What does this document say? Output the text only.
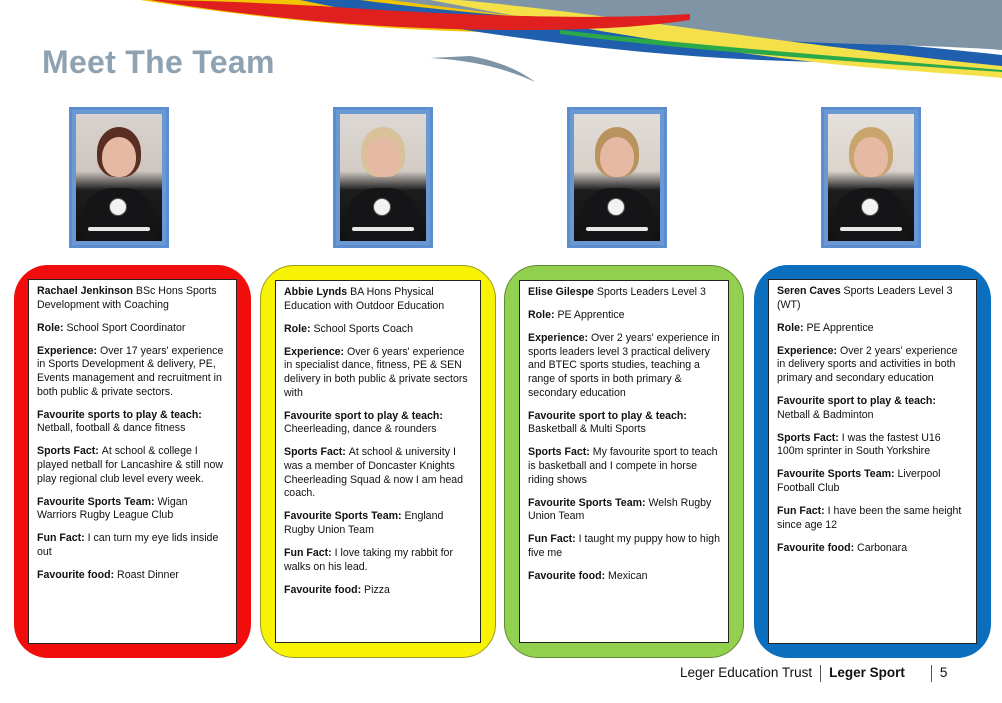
Meet The Team

Rachael Jenkinson BSc Hons Sports Development with Coaching

Role: School Sport Coordinator

Experience: Over 17 years' experience in Sports Development & delivery, PE, Events management and recruitment in both public & private sectors.

Favourite sports to play & teach:
Netball, football & dance fitness

Sports Fact: At school & college I played netball for Lancashire & still now play regional club level every week.

Favourite Sports Team: Wigan Warriors Rugby League Club

Fun Fact: I can turn my eye lids inside out

Favourite food: Roast Dinner

Abbie Lynds BA Hons Physical Education with Outdoor Education

Role: School Sports Coach

Experience: Over 6 years' experience in specialist dance, fitness, PE & SEN delivery in both public & private sectors with

Favourite sport to play & teach:
Cheerleading, dance & rounders

Sports Fact: At school & university I was a member of Doncaster Knights Cheerleading Squad & now I am head coach.

Favourite Sports Team: England Rugby Union Team

Fun Fact: I love taking my rabbit for walks on his lead.

Favourite food: Pizza

Elise Gilespe Sports Leaders Level 3

Role: PE Apprentice

Experience: Over 2 years' experience in sports leaders level 3 practical delivery and BTEC sports studies, teaching a range of sports in both primary & secondary education

Favourite sport to play & teach:
Basketball & Multi Sports

Sports Fact: My favourite sport to teach is basketball and I compete in horse riding shows

Favourite Sports Team: Welsh Rugby Union Team

Fun Fact: I taught my puppy how to high five me

Favourite food: Mexican

Seren Caves Sports Leaders Level 3 (WT)

Role: PE Apprentice

Experience: Over 2 years' experience in delivery sports and activities in both primary and secondary education

Favourite sport to play & teach:
Netball & Badminton

Sports Fact: I was the fastest U16 100m sprinter in South Yorkshire

Favourite Sports Team: Liverpool Football Club

Fun Fact: I have been the same height since age 12

Favourite food: Carbonara

Leger Education Trust Leger Sport	5
